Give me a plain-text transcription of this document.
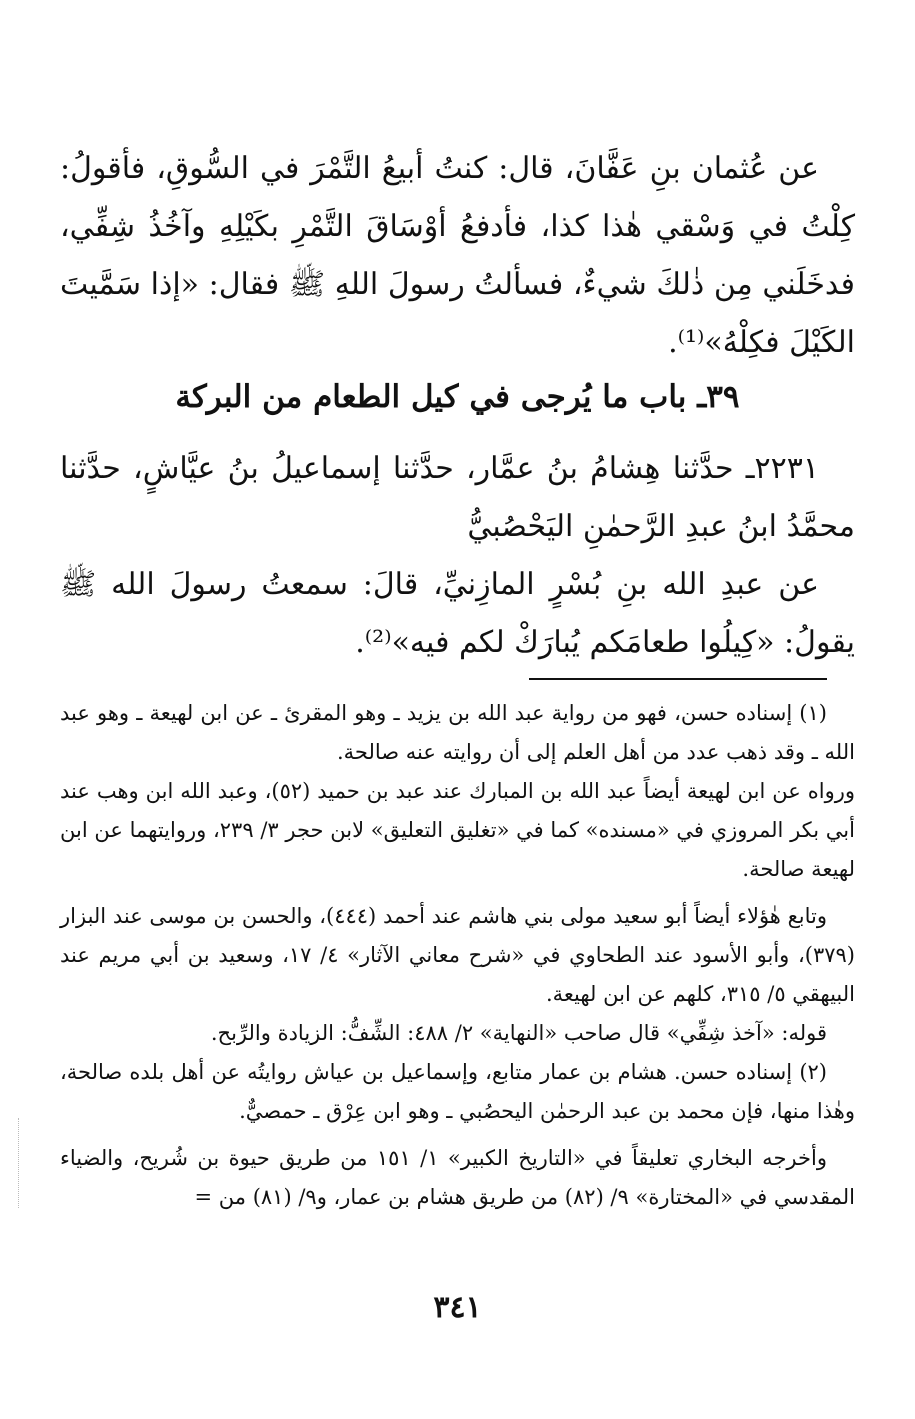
عن عُثمان بنِ عَفَّانَ، قال: كنتُ أبيعُ التَّمْرَ في السُّوقِ، فأقولُ: كِلْتُ في وَسْقي هٰذا كذا، فأدفعُ أوْسَاقَ التَّمْرِ بكَيْلِهِ وآخُذُ شِفِّي، فدخَلَني مِن ذٰلكَ شيءٌ، فسألتُ رسولَ اللهِ ﷺ فقال: «إذا سَمَّيتَ الكَيْلَ فكِلْهُ»⁽¹⁾.

٣٩ـ باب ما يُرجى في كيل الطعام من البركة

٢٢٣١ـ حدَّثنا هِشامُ بنُ عمَّار، حدَّثنا إسماعيلُ بنُ عيَّاشٍ، حدَّثنا محمَّدُ ابنُ عبدِ الرَّحمٰنِ اليَحْصُبيُّ

عن عبدِ الله بنِ بُسْرٍ المازِنيِّ، قالَ: سمعتُ رسولَ الله ﷺ يقولُ: «كِيلُوا طعامَكم يُبارَكْ لكم فيه»⁽²⁾.

(١) إسناده حسن، فهو من رواية عبد الله بن يزيد ـ وهو المقرئ ـ عن ابن لهيعة ـ وهو عبد الله ـ وقد ذهب عدد من أهل العلم إلى أن روايته عنه صالحة.

ورواه عن ابن لهيعة أيضاً عبد الله بن المبارك عند عبد بن حميد (٥٢)، وعبد الله ابن وهب عند أبي بكر المروزي في «مسنده» كما في «تغليق التعليق» لابن حجر ٣/ ٢٣٩، وروايتهما عن ابن لهيعة صالحة.

وتابع هٰؤلاء أيضاً أبو سعيد مولى بني هاشم عند أحمد (٤٤٤)، والحسن بن موسى عند البزار (٣٧٩)، وأبو الأسود عند الطحاوي في «شرح معاني الآثار» ٤/ ١٧، وسعيد بن أبي مريم عند البيهقي ٥/ ٣١٥، كلهم عن ابن لهيعة.

قوله: «آخذ شِفِّي» قال صاحب «النهاية» ٢/ ٤٨٨: الشِّفُّ: الزيادة والرِّبح.

(٢) إسناده حسن. هشام بن عمار متابع، وإسماعيل بن عياش روايتُه عن أهل بلده صالحة، وهٰذا منها، فإن محمد بن عبد الرحمٰن اليحصُبي ـ وهو ابن عِرْق ـ حمصيٌّ.

وأخرجه البخاري تعليقاً في «التاريخ الكبير» ١/ ١٥١ من طريق حيوة بن شُريح، والضياء المقدسي في «المختارة» ٩/ (٨٢) من طريق هشام بن عمار، و٩/ (٨١) من =

٣٤١
